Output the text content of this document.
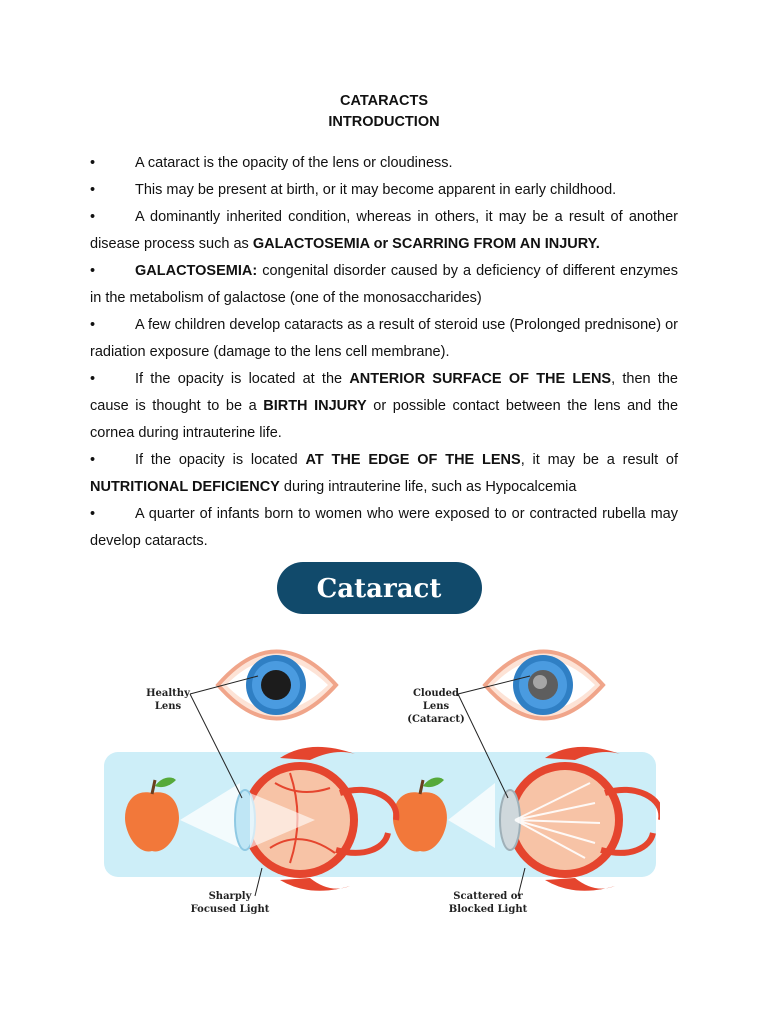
CATARACTS
INTRODUCTION

•	A cataract is the opacity of the lens or cloudiness.

•	This may be present at birth, or it may become apparent in early childhood.

•	A dominantly inherited condition, whereas in others, it may be a result of another disease process such as GALACTOSEMIA or SCARRING FROM AN INJURY.

•	GALACTOSEMIA: congenital disorder caused by a deficiency of different enzymes in the metabolism of galactose (one of the monosaccharides)

•	A few children develop cataracts as a result of steroid use (Prolonged prednisone) or radiation exposure (damage to the lens cell membrane).

•	If the opacity is located at the ANTERIOR SURFACE OF THE LENS, then the cause is thought to be a BIRTH INJURY or possible contact between the lens and the cornea during intrauterine life.

•	If the opacity is located AT THE EDGE OF THE LENS, it may be a result of NUTRITIONAL DEFICIENCY during intrauterine life, such as Hypocalcemia

•	A quarter of infants born to women who were exposed to or contracted rubella may develop cataracts.

Cataract
Healthy
Lens
Clouded
Lens
(Cataract)
Sharply
Focused Light
Scattered or
Blocked Light
